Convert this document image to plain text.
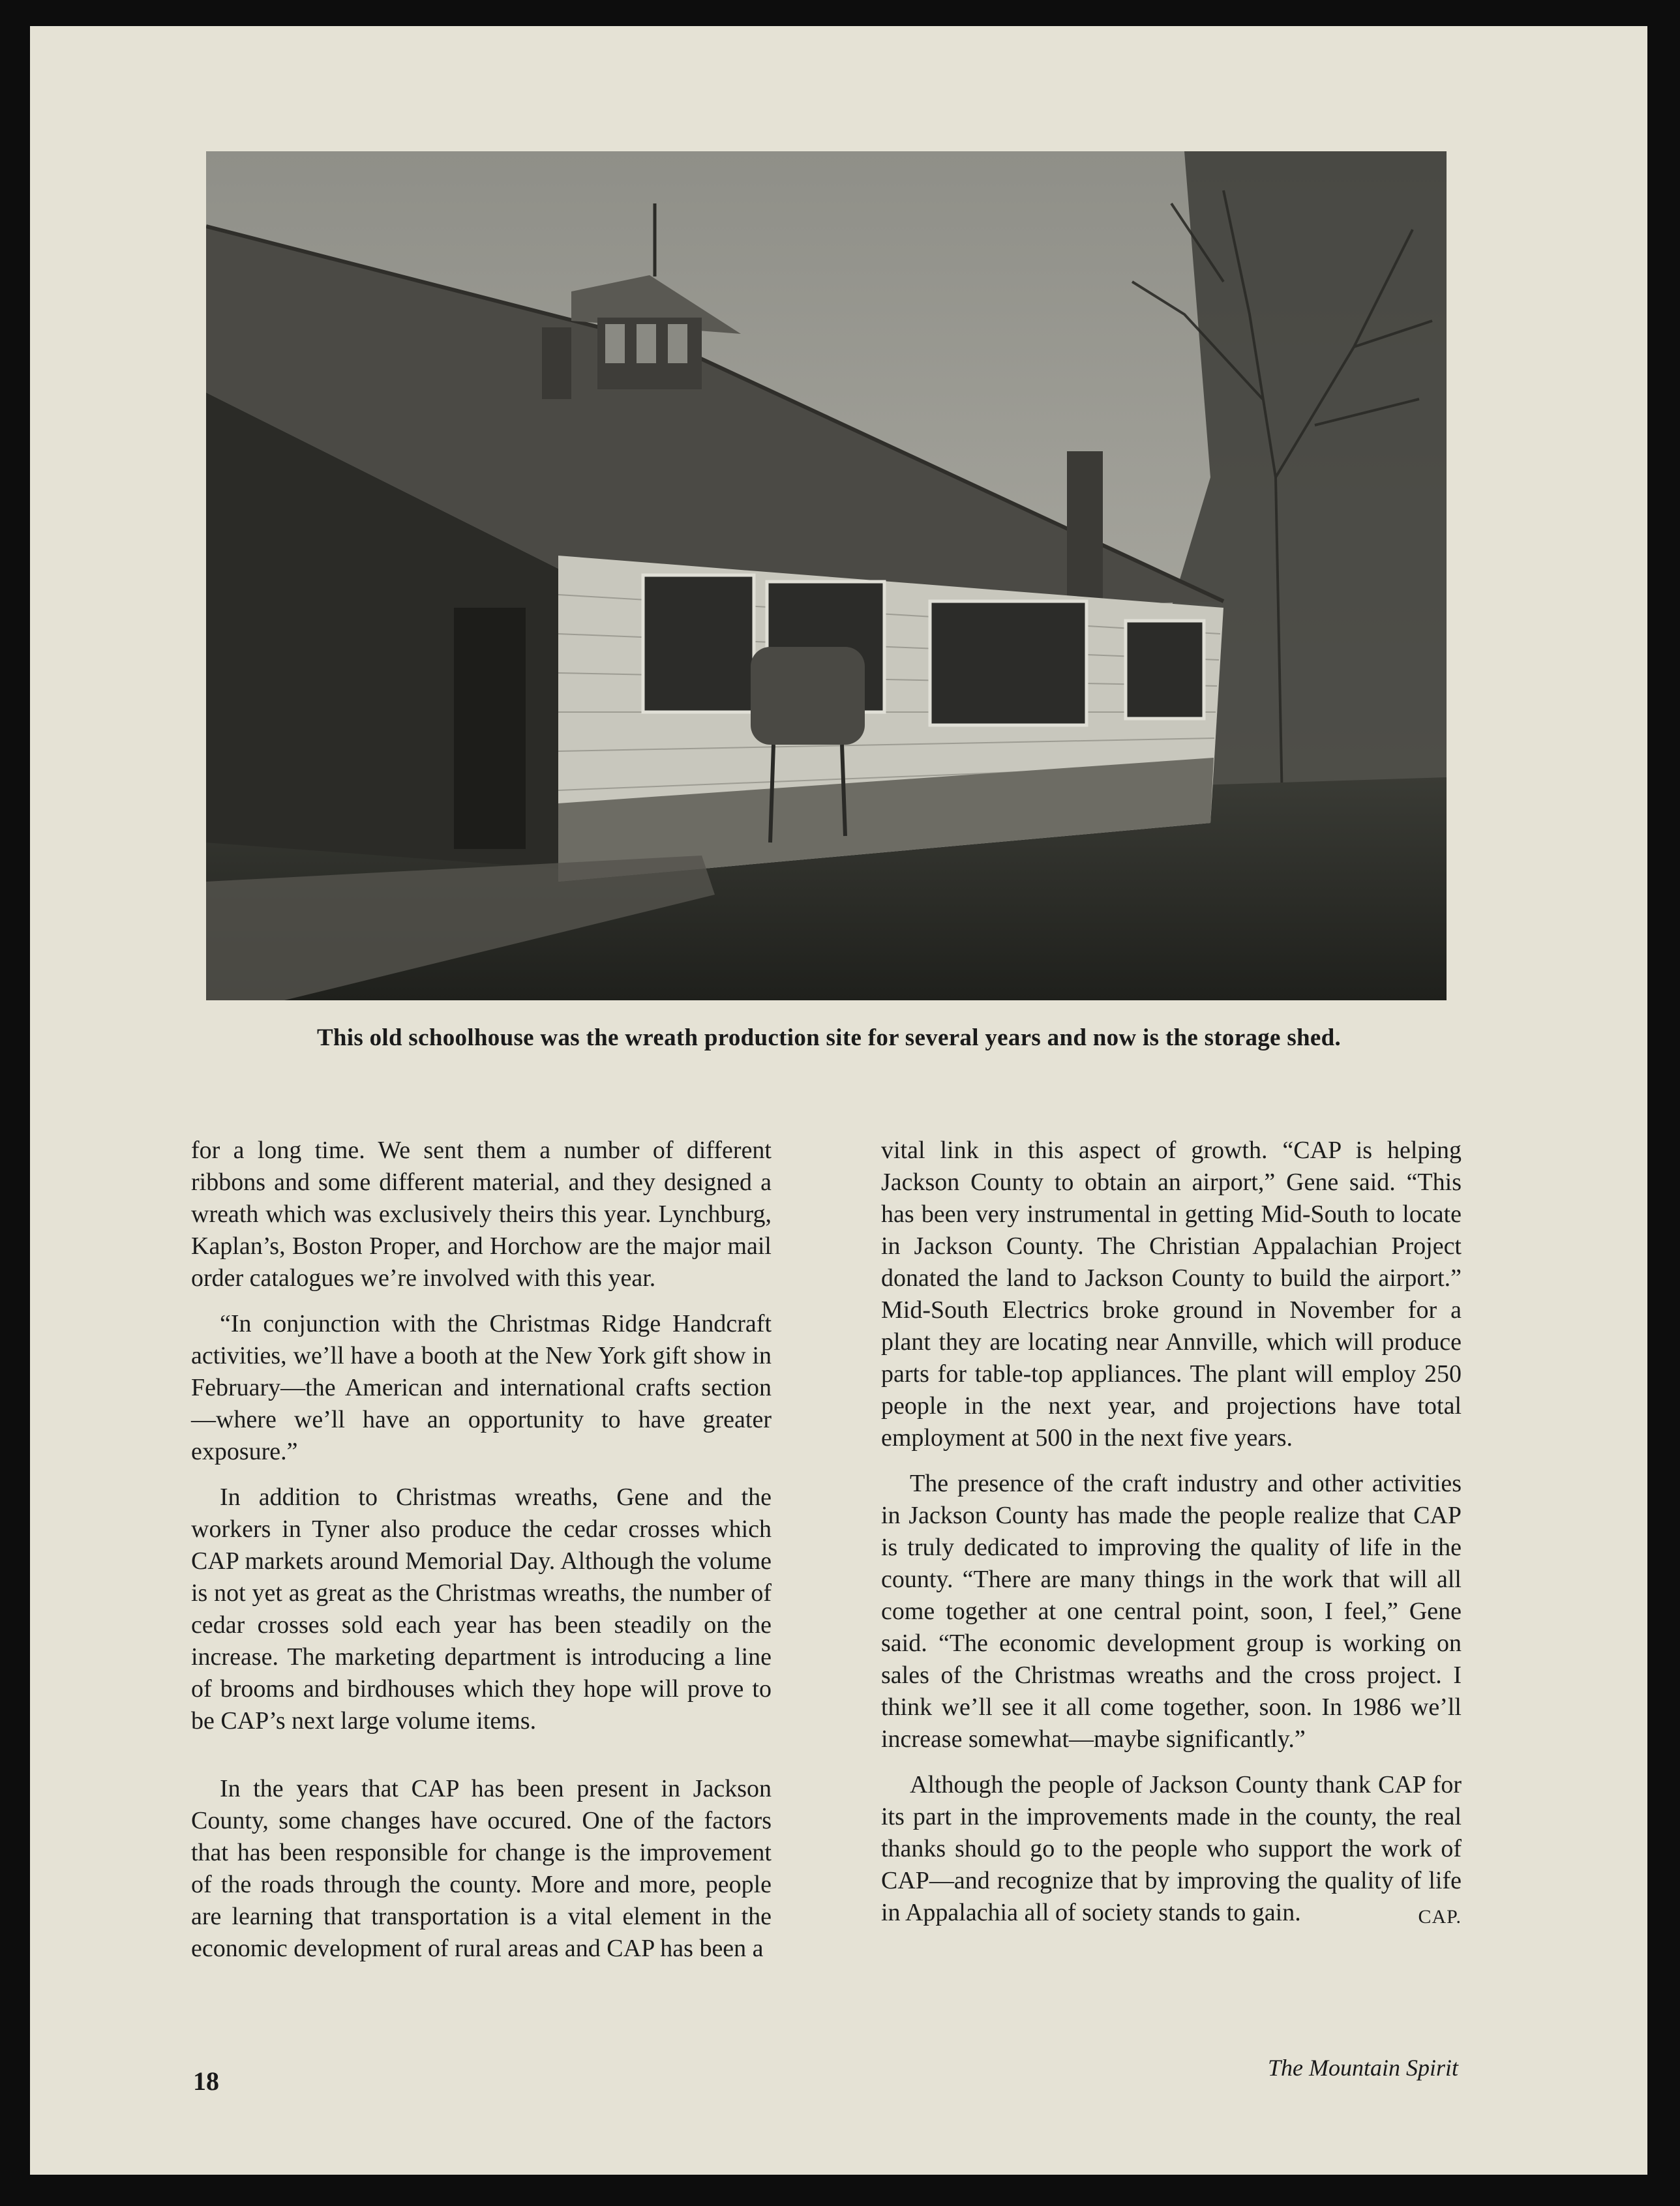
This old schoolhouse was the wreath production site for several years and now is the storage shed.

for a long time. We sent them a number of different ribbons and some different material, and they designed a wreath which was exclusively theirs this year. Lynchburg, Kaplan’s, Boston Proper, and Horchow are the major mail order catalogues we’re involved with this year.

“In conjunction with the Christmas Ridge Handcraft activities, we’ll have a booth at the New York gift show in February—the American and international crafts section—where we’ll have an opportunity to have greater exposure.”

In addition to Christmas wreaths, Gene and the workers in Tyner also produce the cedar crosses which CAP markets around Memorial Day. Although the volume is not yet as great as the Christmas wreaths, the number of cedar crosses sold each year has been steadily on the increase. The marketing department is introducing a line of brooms and birdhouses which they hope will prove to be CAP’s next large volume items.

In the years that CAP has been present in Jackson County, some changes have occured. One of the factors that has been responsible for change is the improvement of the roads through the county. More and more, people are learning that transportation is a vital element in the economic development of rural areas and CAP has been a

vital link in this aspect of growth. “CAP is helping Jackson County to obtain an airport,” Gene said. “This has been very instrumental in getting Mid-South to locate in Jackson County. The Christian Appalachian Project donated the land to Jackson County to build the airport.” Mid-South Electrics broke ground in November for a plant they are locating near Annville, which will produce parts for table-top appliances. The plant will employ 250 people in the next year, and projections have total employment at 500 in the next five years.

The presence of the craft industry and other activities in Jackson County has made the people realize that CAP is truly dedicated to improving the quality of life in the county. “There are many things in the work that will all come together at one central point, soon, I feel,” Gene said. “The economic development group is working on sales of the Christmas wreaths and the cross project. I think we’ll see it all come together, soon. In 1986 we’ll increase somewhat—maybe significantly.”

Although the people of Jackson County thank CAP for its part in the improvements made in the county, the real thanks should go to the people who support the work of CAP—and recognize that by improving the quality of life in Appalachia all of society stands to gain.	CAP.

18	The Mountain Spirit
